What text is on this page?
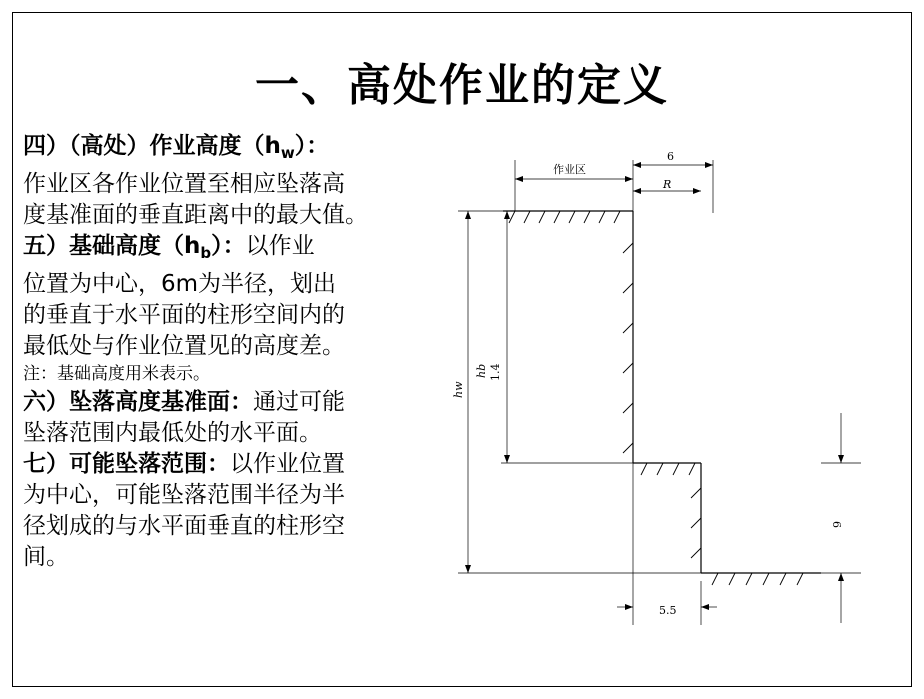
一、高处作业的定义
四）（高处）作业高度$(h_w)$：
作业区各作业位置至相应坠落高
度基准面的垂直距离中的最大值。
五）基础高度$(h_b)$：以作业
位置为中心，6m为半径，划出
的垂直于水平面的柱形空间内的
最低处与作业位置见的高度差。
注：基础高度用米表示。
六）坠落高度基准面：通过可能
坠落范围内最低处的水平面。
七）可能坠落范围：以作业位置
为中心，可能坠落范围半径为半
径划成的与水平面垂直的柱形空
间。
作业区
6
R
hw
hb 1.4
6
5.5
